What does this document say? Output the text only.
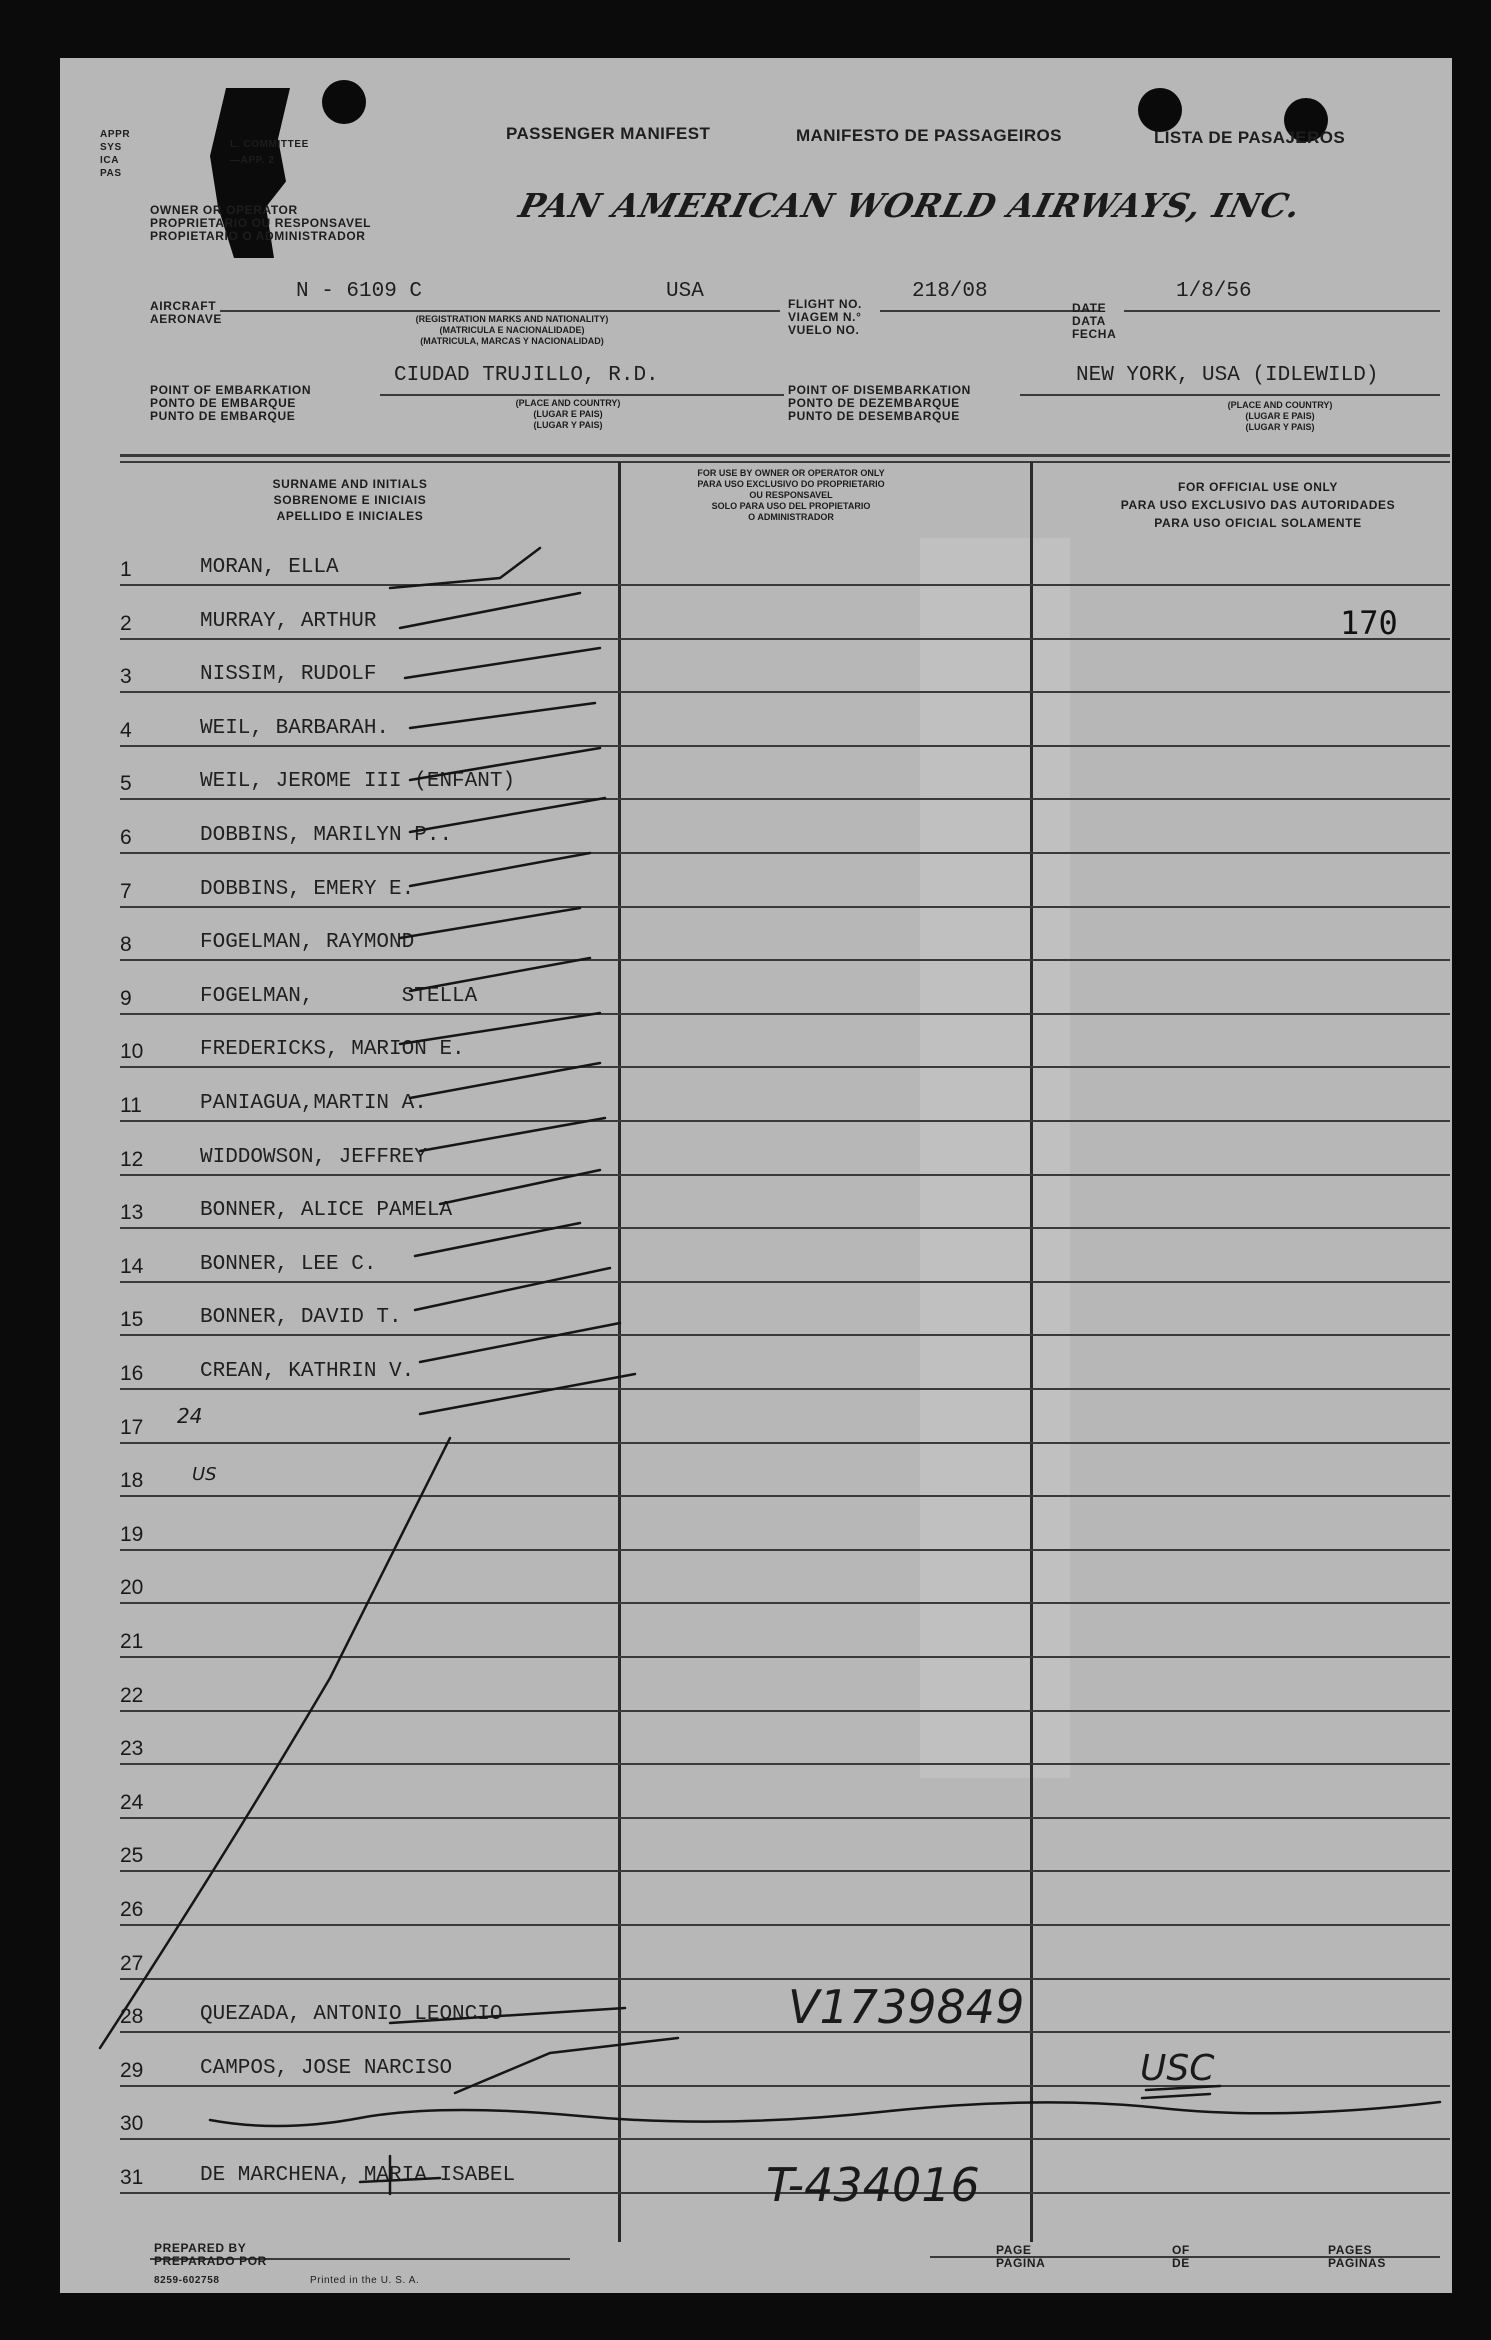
APPR
SYS
ICA
PAS
L. COMMITTEE
—APP. 2
PASSENGER MANIFEST	MANIFESTO DE PASSAGEIROS	LISTA DE PASAJEROS
OWNER OR OPERATOR
PROPRIETARIO OU RESPONSAVEL
PROPIETARIO O ADMINISTRADOR
PAN AMERICAN WORLD AIRWAYS, INC.
AIRCRAFT
AERONAVE
N - 6109 C	USA
(REGISTRATION MARKS AND NATIONALITY)
(MATRICULA E NACIONALIDADE)
(MATRICULA, MARCAS Y NACIONALIDAD)
FLIGHT NO.
VIAGEM N.°
VUELO NO.
218/08
DATE
DATA
FECHA
1/8/56
POINT OF EMBARKATION
PONTO DE EMBARQUE
PUNTO DE EMBARQUE
CIUDAD TRUJILLO, R.D.
(PLACE AND COUNTRY)
(LUGAR E PAIS)
(LUGAR Y PAIS)
POINT OF DISEMBARKATION
PONTO DE DEZEMBARQUE
PUNTO DE DESEMBARQUE
NEW YORK, USA (IDLEWILD)
(PLACE AND COUNTRY)
(LUGAR E PAIS)
(LUGAR Y PAIS)
SURNAME AND INITIALS
SOBRENOME E INICIAIS
APELLIDO E INICIALES
FOR USE BY OWNER OR OPERATOR ONLY
PARA USO EXCLUSIVO DO PROPRIETARIO
OU RESPONSAVEL
SOLO PARA USO DEL PROPIETARIO
O ADMINISTRADOR
FOR OFFICIAL USE ONLY
PARA USO EXCLUSIVO DAS AUTORIDADES
PARA USO OFICIAL SOLAMENTE
1	MORAN, ELLA
2	MURRAY, ARTHUR
3	NISSIM, RUDOLF
4	WEIL, BARBARAH.
5	WEIL, JEROME III (ENFANT)
6	DOBBINS, MARILYN P..
7	DOBBINS, EMERY E.
8	FOGELMAN, RAYMOND
9	FOGELMAN,       STELLA
10	FREDERICKS, MARION E.
11	PANIAGUA,MARTIN A.
12	WIDDOWSON, JEFFREY
13	BONNER, ALICE PAMELA
14	BONNER, LEE C.
15	BONNER, DAVID T.
16	CREAN, KATHRIN V.
17
18
19
20
21
22
23
24
25
26
27
28	QUEZADA, ANTONIO LEONCIO
29	CAMPOS, JOSE NARCISO
30
31	DE MARCHENA, MARIA ISABEL
170
24
US
V1739849
USC
T-434016
PREPARED BY
PREPARADO POR
8259-602758	Printed in the U. S. A.
PAGE
PAGINA
OF
DE
PAGES
PAGINAS
